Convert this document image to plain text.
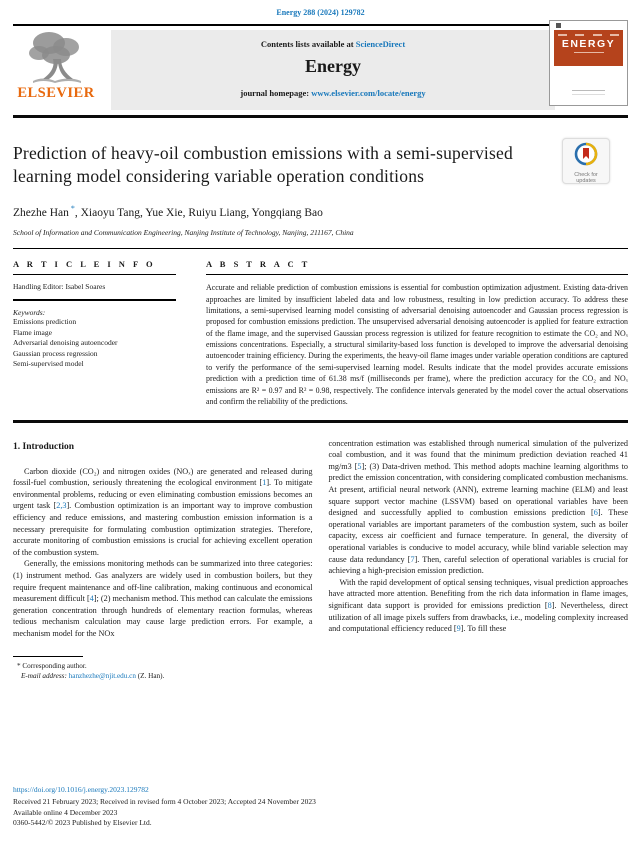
Energy 288 (2024) 129782
ELSEVIER
Contents lists available at ScienceDirect
Energy
journal homepage: www.elsevier.com/locate/energy
ENERGY
Prediction of heavy-oil combustion emissions with a semi-supervised learning model considering variable operation conditions	Check for
updates
Zhezhe Han *, Xiaoyu Tang, Yue Xie, Ruiyu Liang, Yongqiang Bao
School of Information and Communication Engineering, Nanjing Institute of Technology, Nanjing, 211167, China
A R T I C L E I N F O
Handling Editor: Isabel Soares
Keywords:
Emissions prediction
Flame image
Adversarial denoising autoencoder
Gaussian process regression
Semi-supervised model
A B S T R A C T
Accurate and reliable prediction of combustion emissions is essential for combustion optimization adjustment. Existing data-driven approaches are limited by insufficient labeled data and low robustness, resulting in low prediction accuracy. To address these limitations, a semi-supervised learning model consisting of adversarial denoising autoencoder and Gaussian process regression is proposed for combustion emissions prediction. The unsupervised adversarial denoising autoencoder is applied for feature extraction of the flame image, and the supervised Gaussian process regression is utilized for feature recognition to estimate the CO₂ and NOₓ emissions concentrations. Especially, a structural similarity-based loss function is developed to improve the adversarial denoising autoencoder training efficiency. During the experiments, the heavy-oil flame images under variable operation conditions are captured to verify the performance of the semi-supervised learning model. Results indicate that the model provides accurate emissions prediction with a prediction time of 61.38 ms/f (milliseconds per frame), where the prediction accuracy for the CO₂ and NOₓ emissions are R² = 0.97 and R² = 0.98, respectively. The confidence intervals generated by the model cover the actual observations and confirm the reliability of the predictions.
1. Introduction

Carbon dioxide (CO₂) and nitrogen oxides (NOₓ) are generated and released during fossil-fuel combustion, seriously threatening the ecological environment [1]. To mitigate environmental problems, reducing or even eliminating combustion emissions becomes an urgent task [2,3]. Combustion optimization is an important way to improve combustion efficiency and reduce emissions, and mastering combustion emission information is a necessary prerequisite for formulating combustion optimization strategies. Therefore, accurate monitoring of combustion emissions is crucial for achieving excellent operation of the combustion system.

Generally, the emissions monitoring methods can be summarized into three categories: (1) instrument method. Gas analyzers are widely used in combustion boilers, but they require frequent maintenance and off-line calibration, making continuous and economical measurement difficult [4]; (2) mechanism method. This method can calculate the emissions generation concentration through hundreds of elementary reaction formulas, whereas tedious mechanism calculation may cause large prediction errors. For example, a mechanism model for the NOx

* Corresponding author.
E-mail address: hanzhezhe@njit.edu.cn (Z. Han).

concentration estimation was established through numerical simulation of the pulverized coal combustion, and it was found that the minimum prediction deviation reached 41 mg/m3 [5]; (3) Data-driven method. This method adopts machine learning algorithms to predict the emission concentration, with considering complicated combustion mechanisms. At present, artificial neural network (ANN), extreme learning machine (ELM) and least square support vector machine (LSSVM) based on operational variables have been designed and successfully applied to combustion emissions prediction [6]. These operational variables are important parameters of the combustion system, such as boiler capacity, excess air coefficient and furnace temperature. In general, the diversity of operational variables is conducive to model accuracy, while blind variable selection may cause data redundancy [7]. Then, careful selection of operational variables is crucial for achieving a high-precision emission prediction.

With the rapid development of optical sensing techniques, visual prediction approaches have attracted more attention. Benefiting from the rich data information in flame images, significant data support is provided for emissions prediction [8]. Nevertheless, direct utilization of all image pixels suffers from drawbacks, i.e., modeling complexity increased and computational efficiency reduced [9]. To fill these

https://doi.org/10.1016/j.energy.2023.129782
Received 21 February 2023; Received in revised form 4 October 2023; Accepted 24 November 2023
Available online 4 December 2023
0360-5442/© 2023 Published by Elsevier Ltd.
